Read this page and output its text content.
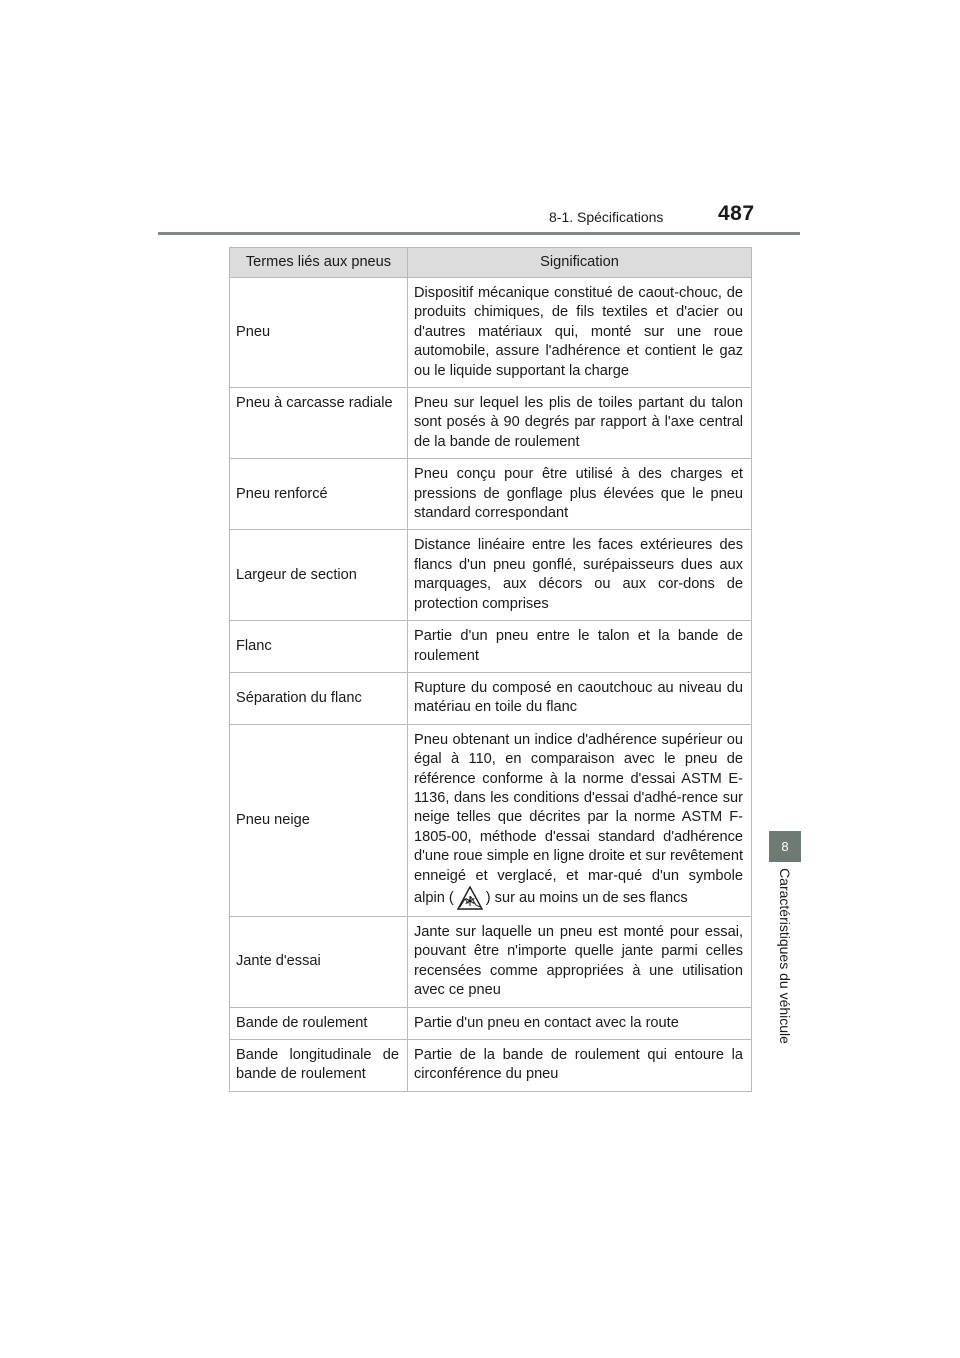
8-1. Spécifications	487
8
Caractéristiques du véhicule
Termes liés aux pneus	Signification
Pneu	Dispositif mécanique constitué de caout-chouc, de produits chimiques, de fils textiles et d'acier ou d'autres matériaux qui, monté sur une roue automobile, assure l'adhérence et contient le gaz ou le liquide supportant la charge
Pneu à carcasse radiale	Pneu sur lequel les plis de toiles partant du talon sont posés à 90 degrés par rapport à l'axe central de la bande de roulement
Pneu renforcé	Pneu conçu pour être utilisé à des charges et pressions de gonflage plus élevées que le pneu standard correspondant
Largeur de section	Distance linéaire entre les faces extérieures des flancs d'un pneu gonflé, surépaisseurs dues aux marquages, aux décors ou aux cor-dons de protection comprises
Flanc	Partie d'un pneu entre le talon et la bande de roulement
Séparation du flanc	Rupture du composé en caoutchouc au niveau du matériau en toile du flanc
Pneu neige	Pneu obtenant un indice d'adhérence supérieur ou égal à 110, en comparaison avec le pneu de référence conforme à la norme d'essai ASTM E-1136, dans les conditions d'essai d'adhé-rence sur neige telles que décrites par la norme ASTM F-1805-00, méthode d'essai standard d'adhérence d'une roue simple en ligne droite et sur revêtement enneigé et verglacé, et mar-qué d'un symbole alpin ( ) sur au moins un de ses flancs
Jante d'essai	Jante sur laquelle un pneu est monté pour essai, pouvant être n'importe quelle jante parmi celles recensées comme appropriées à une utilisation avec ce pneu
Bande de roulement	Partie d'un pneu en contact avec la route
Bande longitudinale de bande de roulement	Partie de la bande de roulement qui entoure la circonférence du pneu
